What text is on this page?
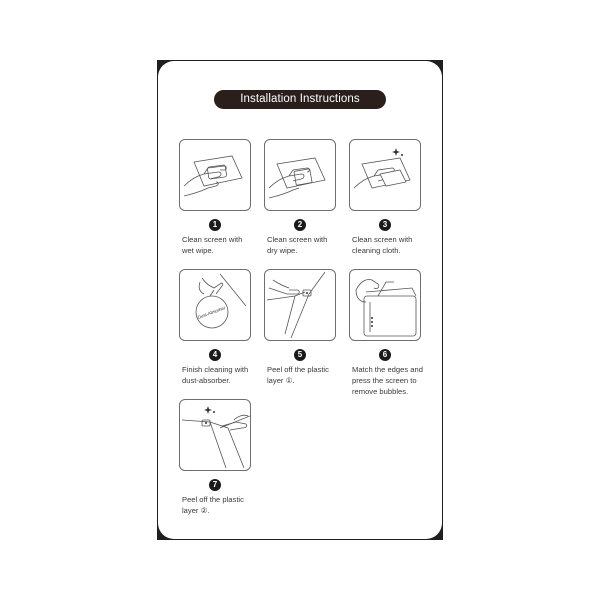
Installation Instructions
1
Clean screen with
wet wipe.
2
Clean screen with
dry wipe.
3
Clean screen with
cleaning cloth.
Dust-Absorber
4
Finish cleaning with
dust-absorber.
5
Peel off the plastic
layer ①.
6
Match the edges and
press the screen to
remove bubbles.
7
Peel off the plastic
layer ②.
